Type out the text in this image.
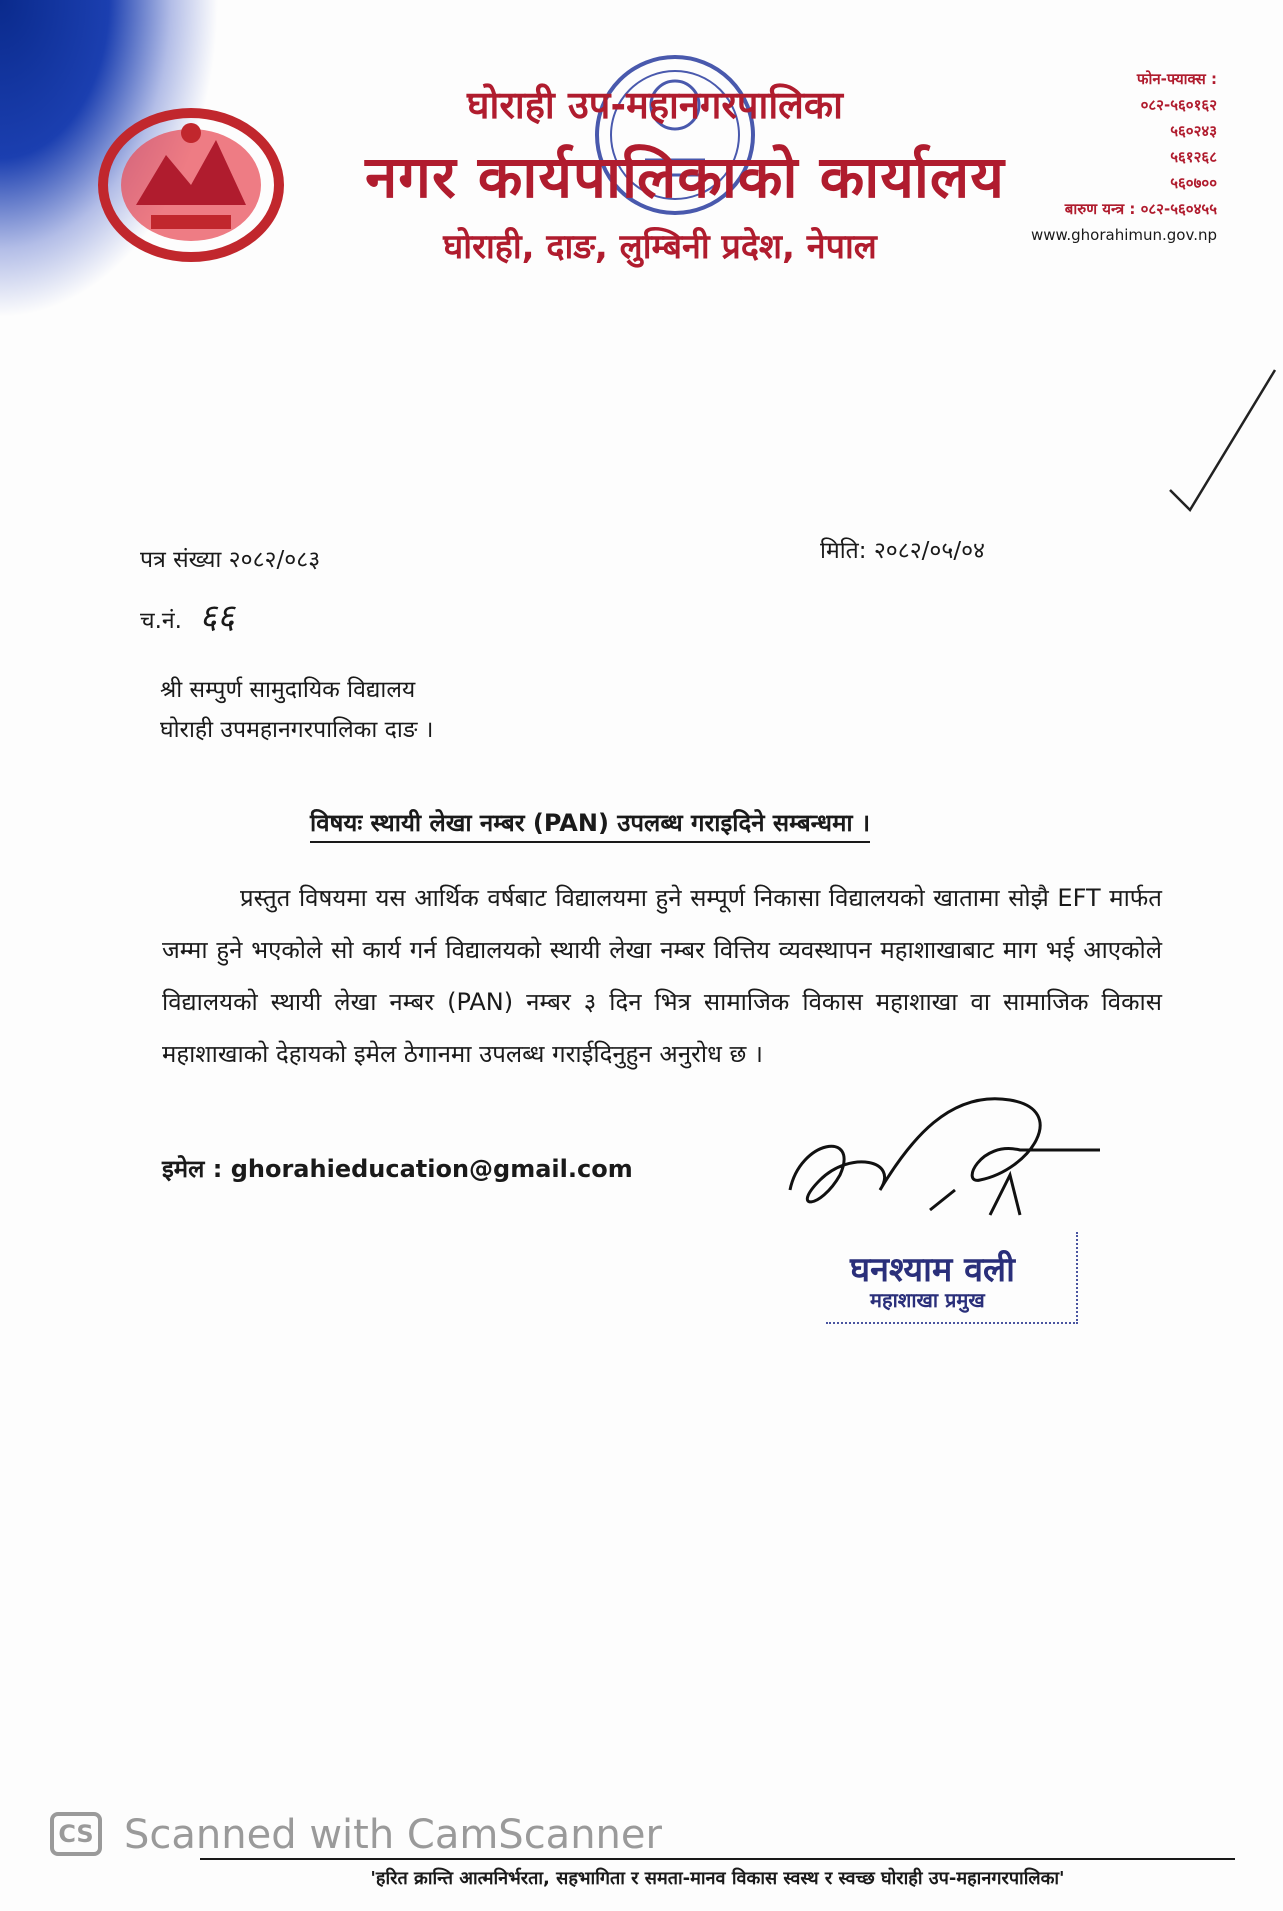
घोराही उप-महानगरपालिका
नगर कार्यपालिकाको कार्यालय
घोराही, दाङ, लुम्बिनी प्रदेश, नेपाल
फोन-फ्याक्स :
०८२-५६०१६२
५६०२४३
५६१२६८
५६०७००
बारुण यन्त्र : ०८२-५६०४५५
www.ghorahimun.gov.np
पत्र संख्या २०८२/०८३
च.नं. ६६
मिति: २०८२/०५/०४
श्री सम्पुर्ण सामुदायिक विद्यालय
घोराही उपमहानगरपालिका दाङ ।
विषयः स्थायी लेखा नम्बर (PAN) उपलब्ध गराइदिने सम्बन्धमा ।
प्रस्तुत विषयमा यस आर्थिक वर्षबाट विद्यालयमा हुने सम्पूर्ण निकासा विद्यालयको खातामा सोझै EFT मार्फत जम्मा हुने भएकोले सो कार्य गर्न विद्यालयको स्थायी लेखा नम्बर वित्तिय व्यवस्थापन महाशाखाबाट माग भई आएकोले विद्यालयको स्थायी लेखा नम्बर (PAN) नम्बर ३ दिन भित्र सामाजिक विकास महाशाखा वा सामाजिक विकास महाशाखाको देहायको इमेल ठेगानमा उपलब्ध गराईदिनुहुन अनुरोध छ ।
इमेल : ghorahieducation@gmail.com
घनश्याम वली
महाशाखा प्रमुख
CS Scanned with CamScanner
'हरित क्रान्ति आत्मनिर्भरता, सहभागिता र समता-मानव विकास स्वस्थ र स्वच्छ घोराही उप-महानगरपालिका'
